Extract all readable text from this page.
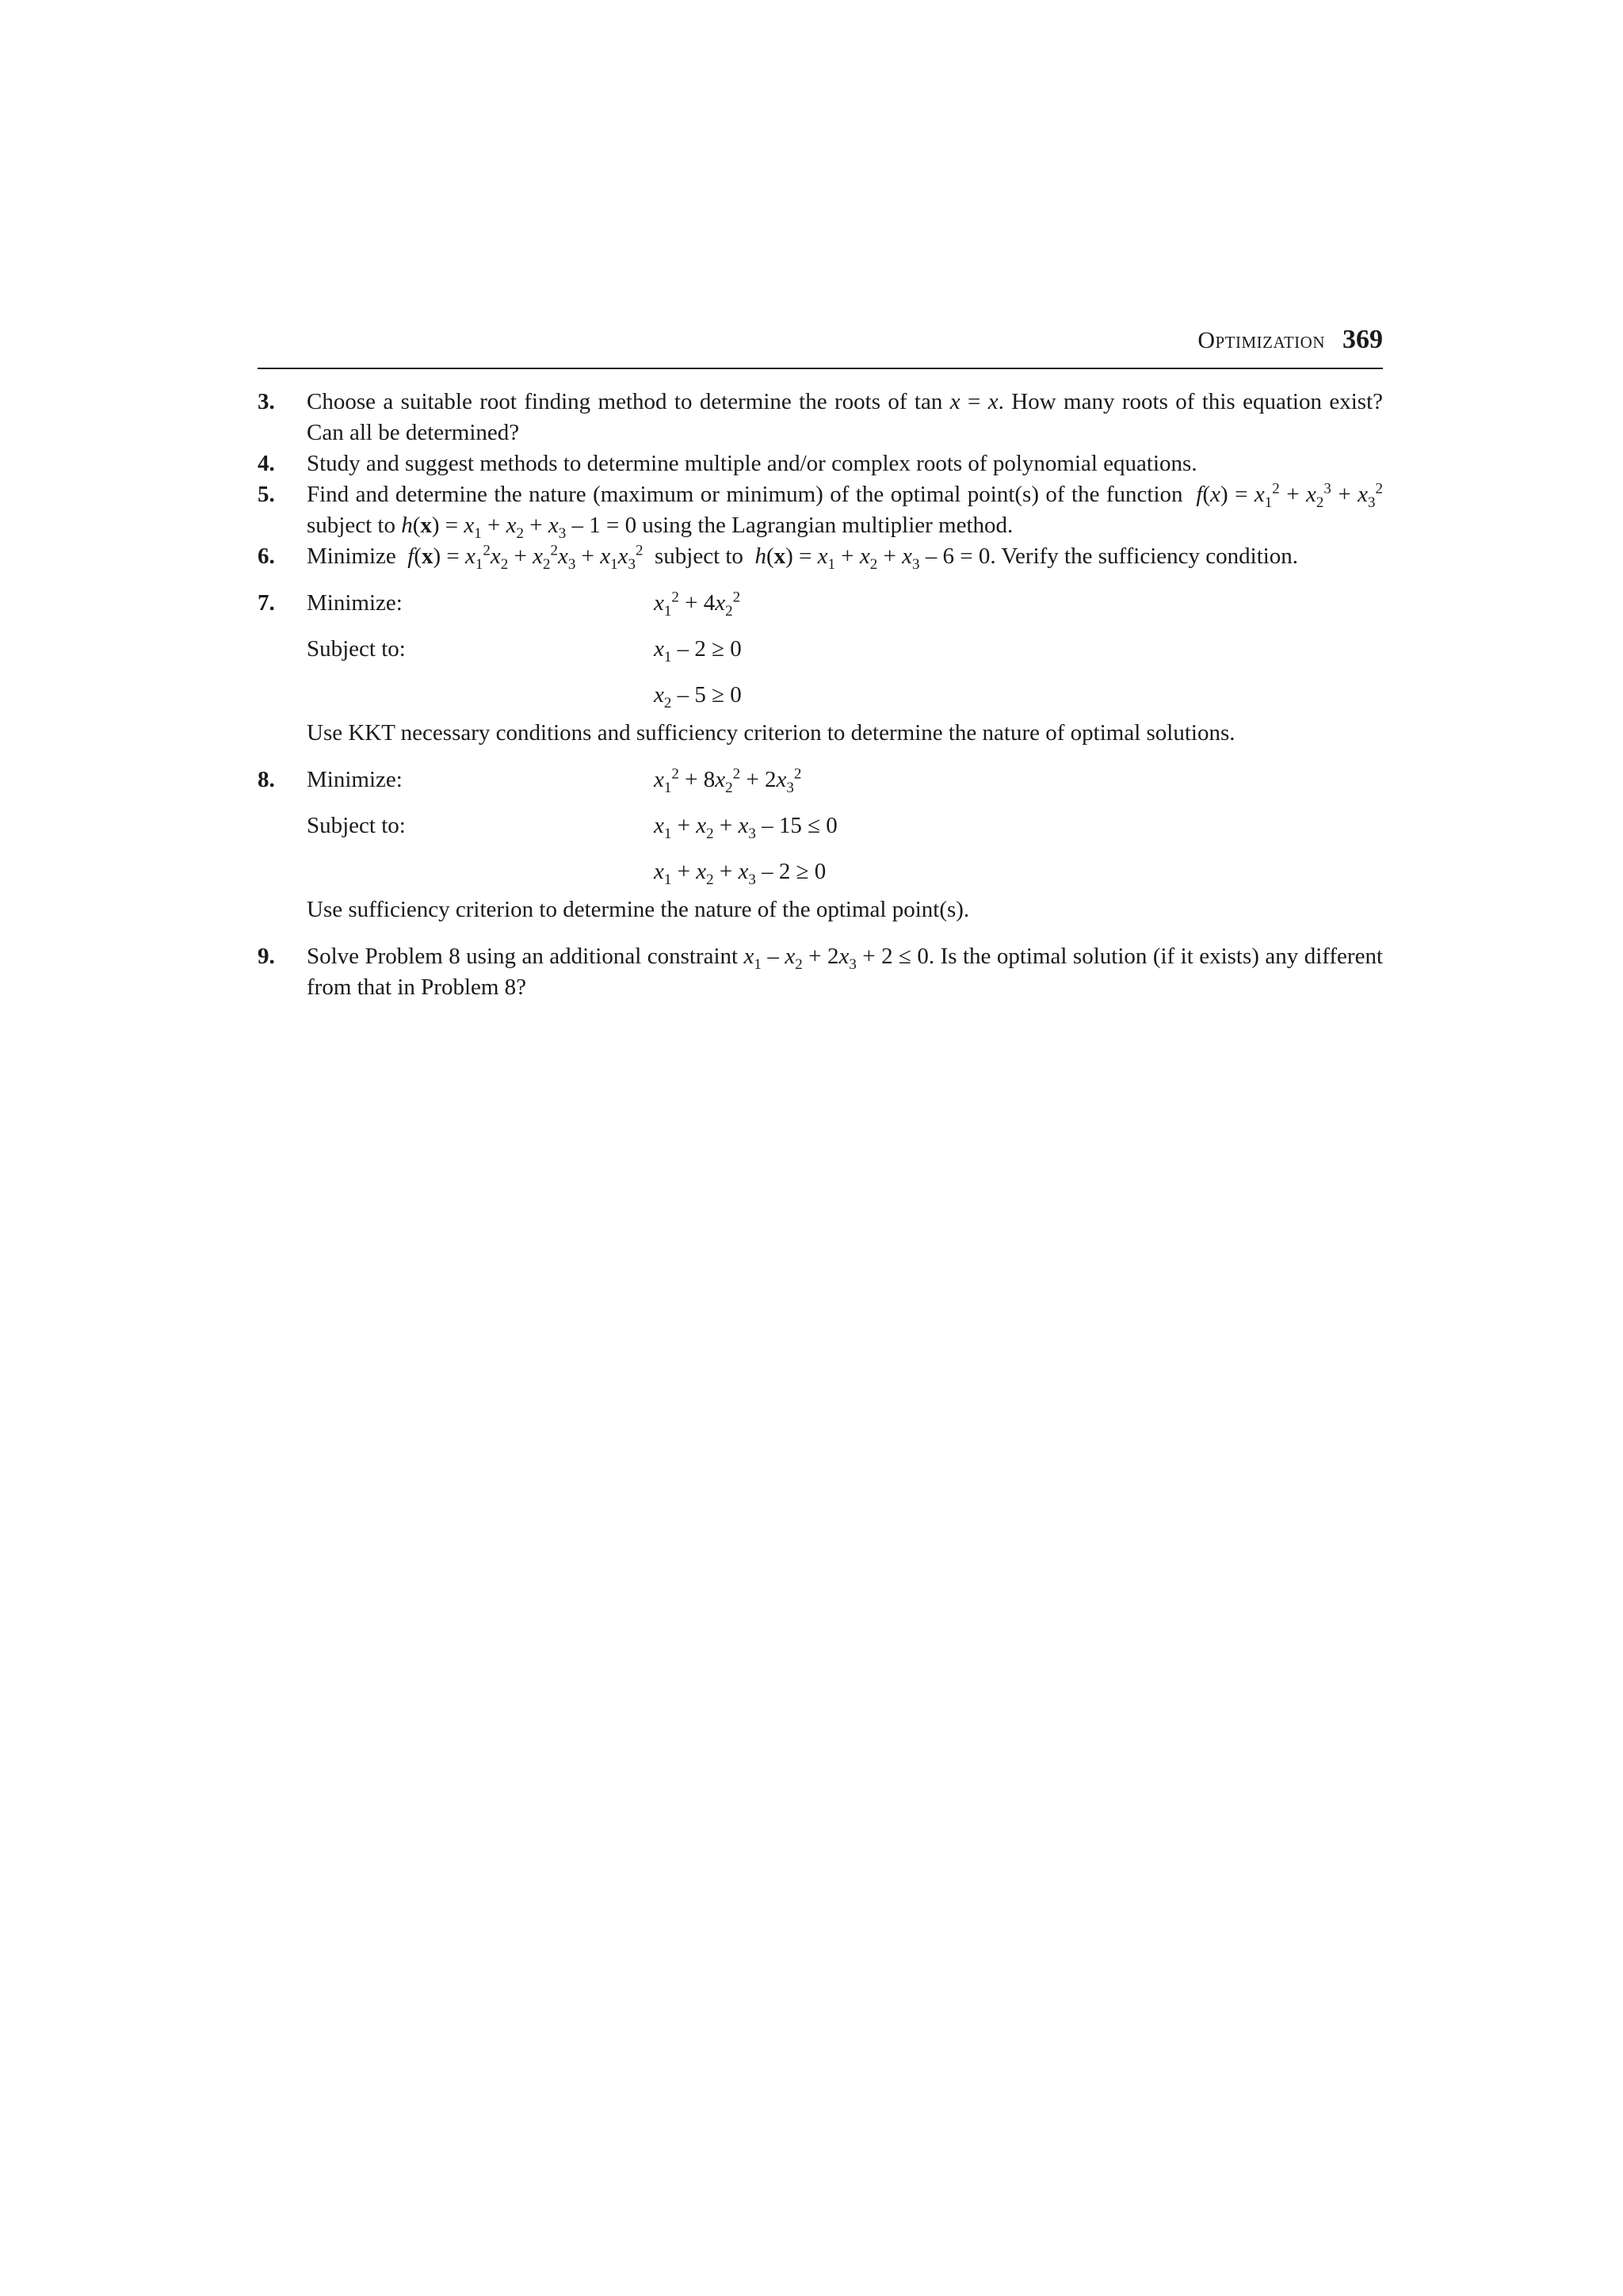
Optimization 369
3.	Choose a suitable root finding method to determine the roots of tan x = x. How many roots of this equation exist? Can all be determined?

4.	Study and suggest methods to determine multiple and/or complex roots of polynomial equations.

5.	Find and determine the nature (maximum or minimum) of the optimal point(s) of the function  $f(x) = x_1^2 + x_2^3 + x_3^2$ subject to $h(x) = x_1 + x_2 + x_3 - 1 = 0$ using the Lagrangian multiplier method.

6.	Minimize $f(x) = x_1^2x_2 + x_2^2x_3 + x_1x_3^2$ subject to $h(x) = x_1 + x_2 + x_3 - 6 = 0$. Verify the sufficiency condition.

7.	Minimize:	$x_1^2 + 4x_2^2$
Subject to:	$x_1 - 2 \ge 0$
$x_2 - 5 \ge 0$

Use KKT necessary conditions and sufficiency criterion to determine the nature of optimal solutions.

8.	Minimize:	$x_1^2 + 8x_2^2 + 2x_3^2$
Subject to:	$x_1 + x_2 + x_3 - 15 \le 0$
$x_1 + x_2 + x_3 - 2 \ge 0$

Use sufficiency criterion to determine the nature of the optimal point(s).

9.	Solve Problem 8 using an additional constraint $x_1 - x_2 + 2x_3 + 2 \le 0$. Is the optimal solution (if it exists) any different from that in Problem 8?
